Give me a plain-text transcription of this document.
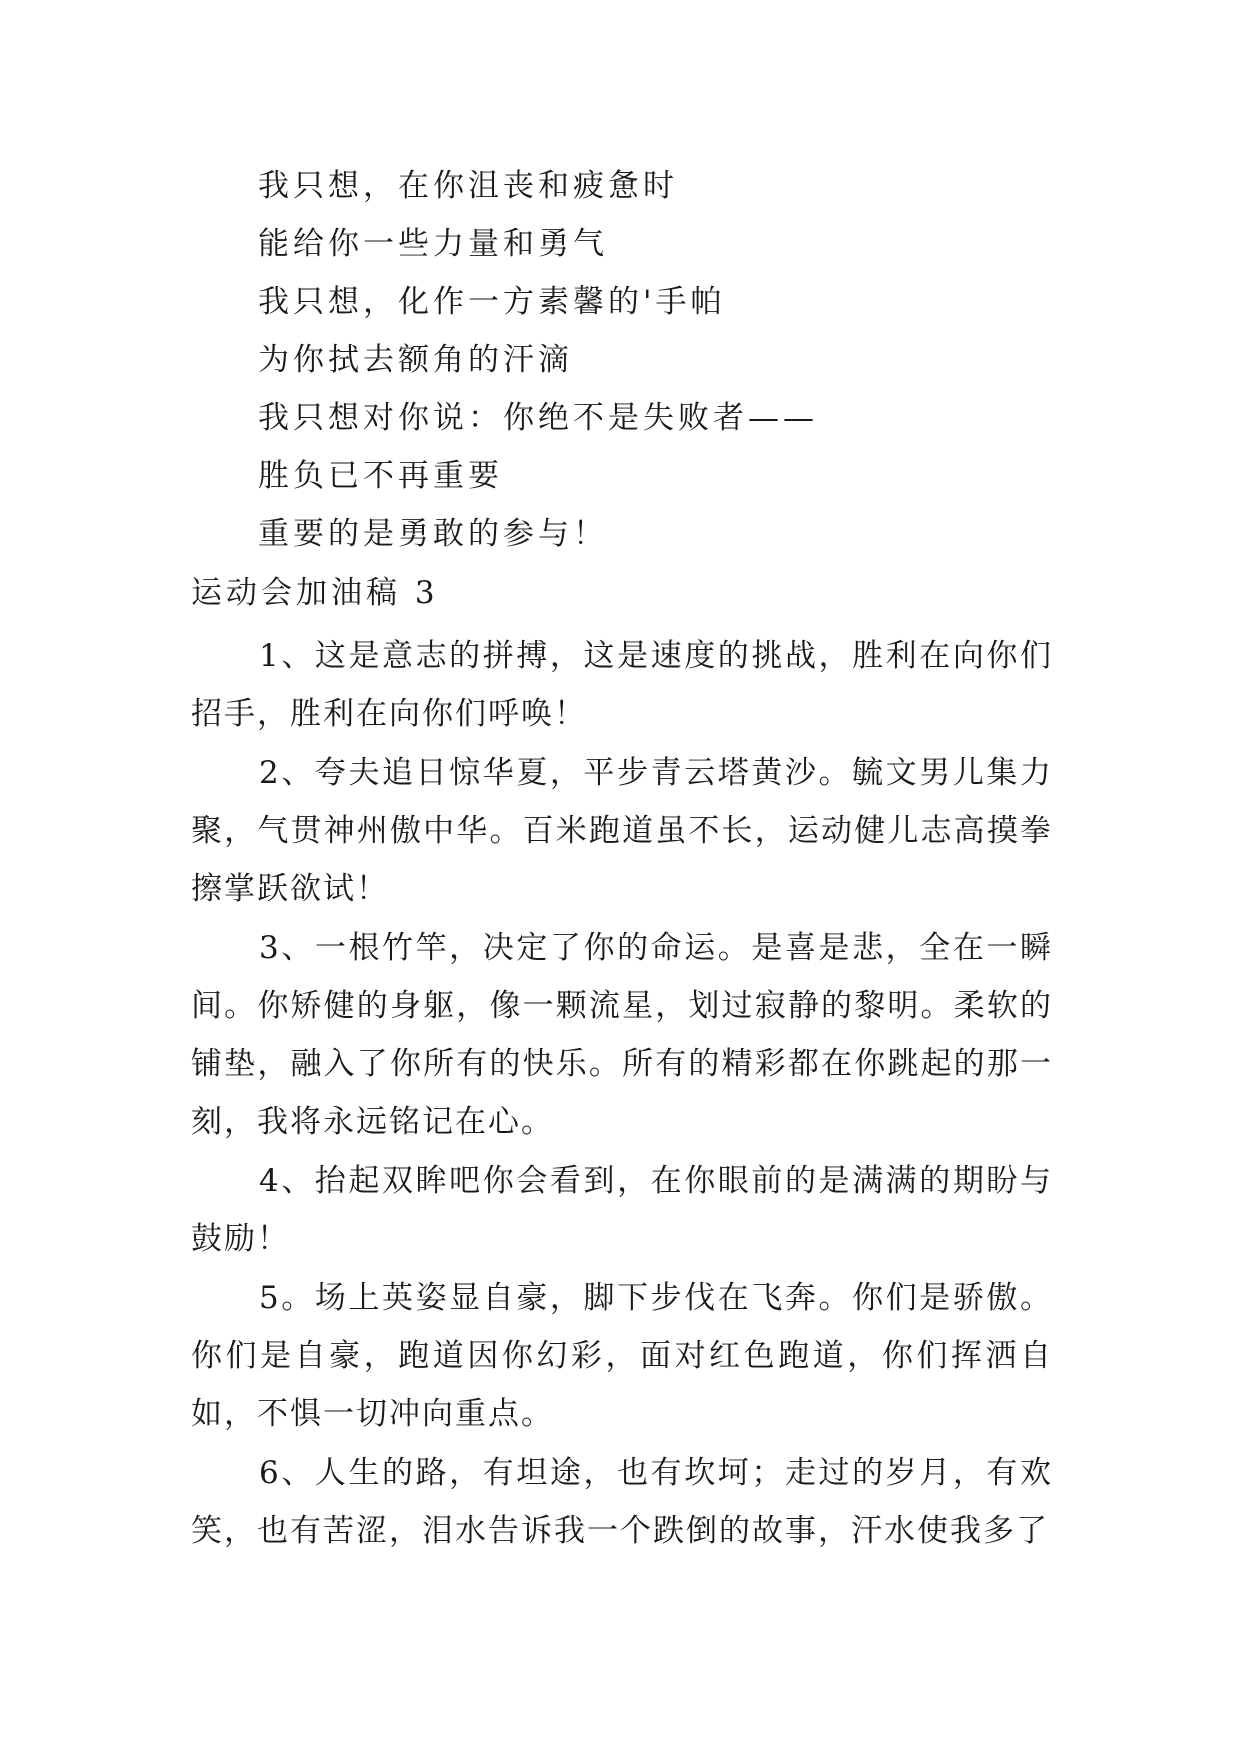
我只想，在你沮丧和疲惫时
能给你一些力量和勇气
我只想，化作一方素馨的'手帕
为你拭去额角的汗滴
我只想对你说：你绝不是失败者——
胜负已不再重要
重要的是勇敢的参与！
运动会加油稿 3

1、这是意志的拼搏，这是速度的挑战，胜利在向你们招手，胜利在向你们呼唤！

2、夸夫追日惊华夏，平步青云塔黄沙。毓文男儿集力聚，气贯神州傲中华。百米跑道虽不长，运动健儿志高摸拳擦掌跃欲试！

3、一根竹竿，决定了你的命运。是喜是悲，全在一瞬间。你矫健的身躯，像一颗流星，划过寂静的黎明。柔软的铺垫，融入了你所有的快乐。所有的精彩都在你跳起的那一刻，我将永远铭记在心。

4、抬起双眸吧你会看到，在你眼前的是满满的期盼与鼓励！

5。场上英姿显自豪，脚下步伐在飞奔。你们是骄傲。你们是自豪，跑道因你幻彩，面对红色跑道，你们挥洒自如，不惧一切冲向重点。

6、人生的路，有坦途，也有坎坷；走过的岁月，有欢笑，也有苦涩，泪水告诉我一个跌倒的故事，汗水使我多了
